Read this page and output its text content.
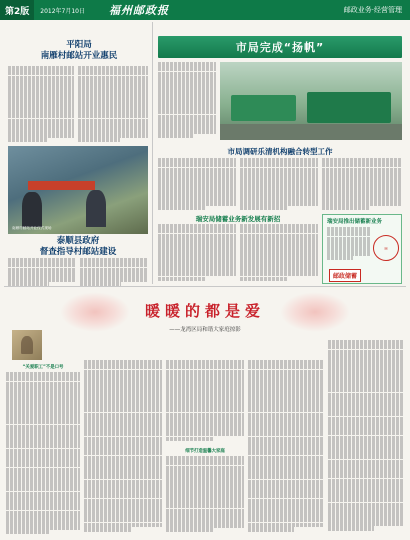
第2版	2012年7月10日 福州邮政报	邮政业务·经营管理
平阳局
南雁村邮站开业惠民
南雁村邮站开业仪式现场
泰顺县政府
督查指导村邮站建设
市局完成“扬帆”
市局调研乐清机构融合转型工作
瑞安局储蓄业务新发展有新招	瑞安局推出储蓄新业务
✉
邮政储蓄
暖暖的都是爱
——龙湾区局和谐大家庭掠影
“关爱职工”不是口号
细节打造温馨大家庭
